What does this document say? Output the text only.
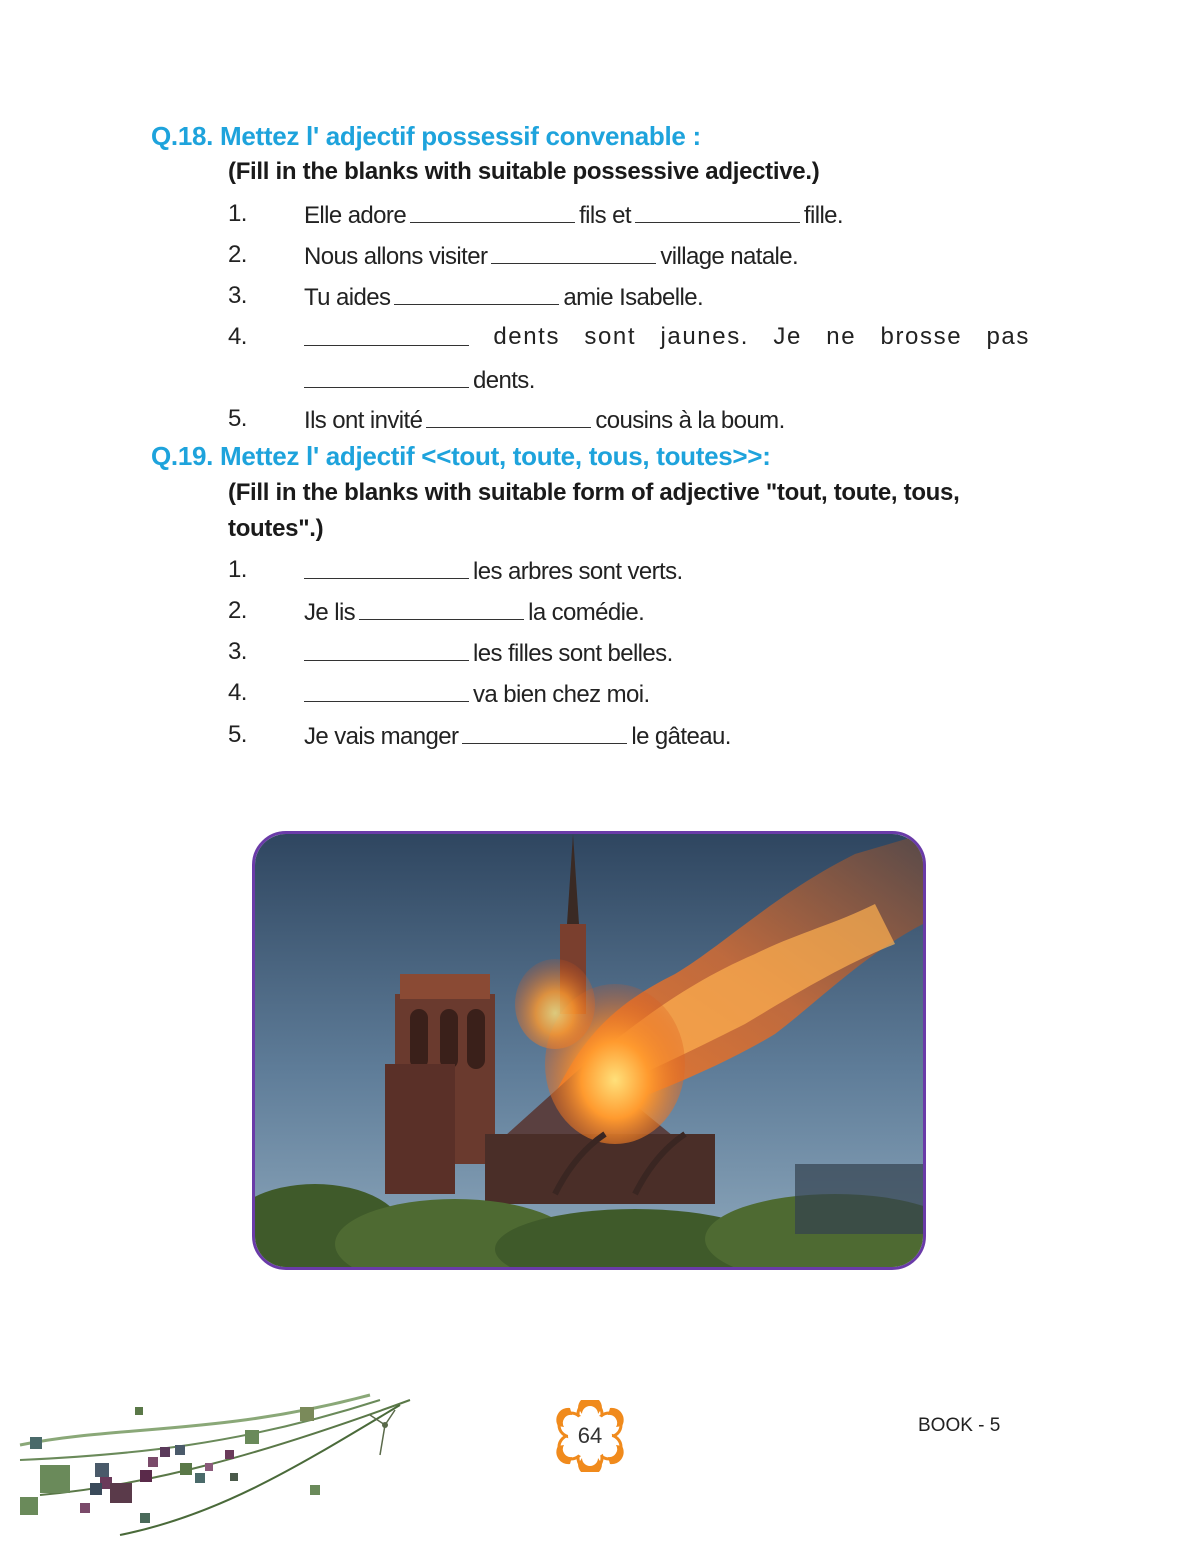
Q.18. Mettez l' adjectif possessif convenable :
(Fill in the blanks with suitable possessive adjective.)
1. Elle adore	fils et	fille.
2. Nous allons visiter	village natale.
3. Tu aides	amie Isabelle.
4.	dents sont jaunes. Je ne brosse pas
dents.
5. Ils ont invité	cousins à la boum.
Q.19. Mettez l' adjectif <<tout, toute, tous, toutes>>:
(Fill in the blanks with suitable form of adjective "tout, toute, tous, toutes".)
1.	les arbres sont verts.
2. Je lis	la comédie.
3.	les filles sont belles.
4.	va bien chez moi.
5. Je vais manger	le gâteau.
64	BOOK - 5
